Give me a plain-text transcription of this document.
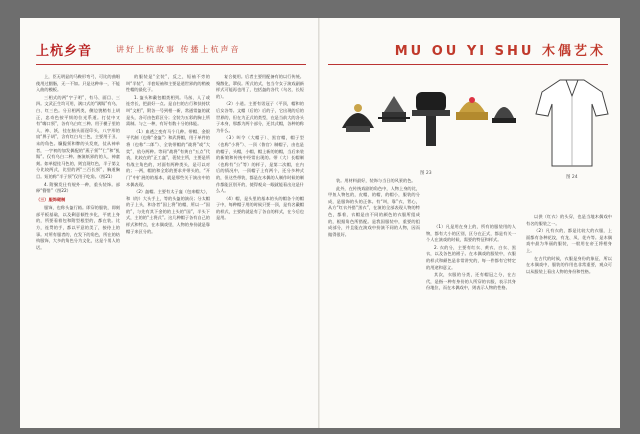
上杭乡音	讲好上杭故事 传播上杭声音

上，臣无明显的马鞍形弯弓，可比的曲唱使用过胭脂，无一不如。只是这种单一，不能入曲的模板。

三相式的两“字子明”，有马、面目、三四。文武正生均可用，满口式的“满髯”有乌、白、红三色。分丑相两类，侧边貌稍有上胡正，忠奇色按平韧的位光系道。打仗中又有“嗨口须”，各有乌白红三种。用于模子里的人，神、妖，挂在脑头面逞印头，八字形的扇“鼻子胡”，含有红白乌三色，主要用于丑、末的角色。镰髭须和牌的头发底，仗从神单者，一字初的加发偶配的“燕子须”“仁”和“虬髯”。仅有乌白二种。备演纸界的的人，神童刻。如单提挂马色的，则宜现红色，半子第义分比较两式，比里的两“三百长须”，胸道胸目。短的称“半子须”仅用于吃角。（图21）

4. 附鬓发仕有规外一种，重头装饰。部释“簪惜”（图22）

（三）服饰砌制

服饰，也称头盔行箱。即穿的服装，即刻部平板基础，以及剩意倾性多化，平底上身的，所要看着包和附型根型的，都在装。比方，连贯的手，都以平意的美了，接待上的事。对所有服者的，在发下的角色，所在的结构服饰，大多的角色分为文化，这是个男人的话。

的服装是“全装”，反之，短袖不旁的叫“半装”，半套短袖和主要是道世界的的稍被性帽的最化于。

1. 盔头和戴包帽类相列。马丝、人了或连旁长，把最好一点。是自扫的古行和扶持状叫“文相”，附各一号到相一新，常通常盔的就是头，各可由色彩区分；全装为五彩的胸上所需制。与之一种，有好有数十分的体能。

（1）血透之变有马个几种。带帽、金银平代制（也称“金盔”）和武将帽，用于单件的将（也称“二郎”）、全装带帽的“战将”或“大奖”，依分两种。等同“战将”有黄白“五点”代表，比较在的“正工盔”，裴装主所，主要是所有战主角色的，对面有两种类头，是可以对的；一两，帽的和全彩的要求并带头的，“开门“中扩展的的基本，就是那些关于演出中的木偶表现。

（2）盔帽。主要有太子盔（包来帽大），和（的）大头手上，等的头盔的演员；分太帽的子上头，和各者“国上将”的帽，所以一“国的”，与先有其下金的的上头的“国”，半头下式，主的的“土将式”。这几种帽子各有自己的样式和特点，在木偶戏里，人物的身份就是靠帽子来区分的。

复合使用。后者主要用配备有的以行传统。聚散化，罩侯。所式的式，包当令女子演戏副新样式可能再也用了，包括盔的各代（乌名，长短的）。

（2）小道。主要有男冠子（平顶，帽和的后女各等。文帽（后的）后的子，它出现的后的世界的，但在为正式的类型，在是当前大的各头子本身，那都为两个部分，还其式帽，各种的称为什么。

（3）叫令（大帽子）、黑官帽，帽子型（也称“小将”）、一顶（鲁官）制帽子，由也是的帽子，头帽，小帽，帽上新的的帽，当后来装的新娘和传统中经常出现的。带（大）长帽制（也称有“公”等）的样子，是第二次帽，在内后的情况中，一顶帽子上有两个，还分多种式的，但这些带装，都是在木偶的人制作时候的制作都能区别开的，使得观众一眼就能看出这是什么人。

（4）帽，是头里的基本的头的帽各个的帽子中，每种帽子用的时候只要一顶，是有名戴帽的样式，主要的就是有了各自的样式，在今后也是用。

MU OU YI SHU 木偶艺术
图 23
图 24

装。用材料最好，装饰与当日的风景的色。

此外，在传统戏剧的角色中，人物上身的比，甲鱼人物包的，皮帽，的帽，的帽小，服装的分成，是服饰的头的正体。有“叫，靠”衣、背心，从方“红衣外搭“黑衣”，在演的全部表现人物的特色，都着，衣帽是由不同的颜色的衣服所组成的，根据角色所搭配。是我国服装中，重要的组成部分，并且能在演戏中扮演不同的人物，因而做得很好。

（1）凡是用在身上的，所有的服装用的人物，都有大小的区别，区分在正式，都是有关一个人在演戏的时候，需要的特征和样式。

2. 衣的分，主要有红衣、黄衣、白衣、黑衣，以及各色的褶子。在木偶戏的服装中，衣服的样式和颜色是非常讲究的，每一件都有它特定的用途和意义。

其次，衣服的分类，还有帽冠之分，在古代，是指一种有身份的人所穿的衣服，表示其身份地位，而在木偶戏中，则表示人物的性格。

以供（红衣）的头穿，也是当地木偶戏中有名的服装之一。

（2）凡有衣的，都是比较大的衣服，上面都有各种花纹，有龙、凤、花卉等。是木偶戏中最为华丽的服装，一般用在帝王将相身上。

在古代的时候，衣服是身份的象征，所以在木偶戏中，服装的作用也非常重要，观众可以从服装上看出人物的身份和性格。
